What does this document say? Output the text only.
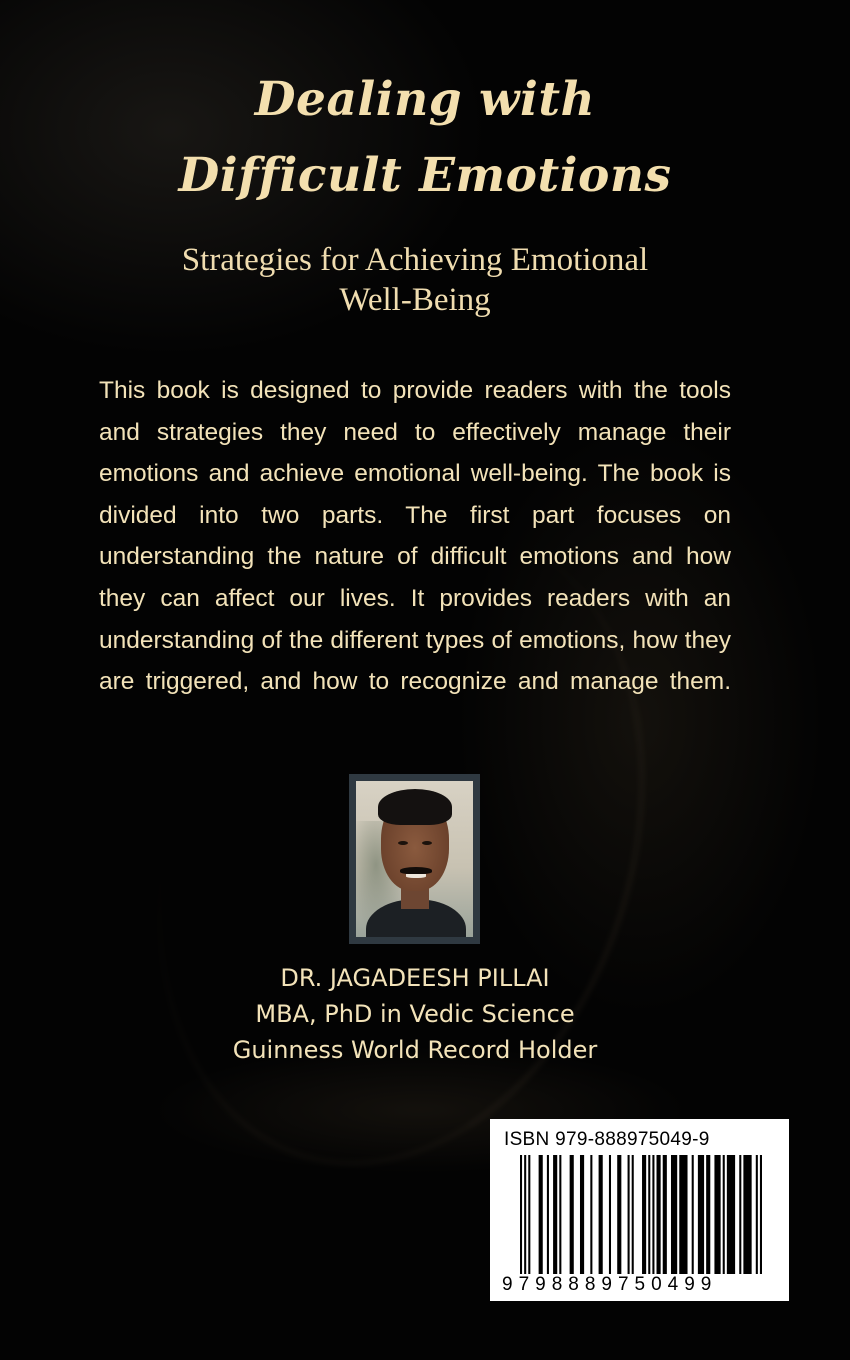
Dealing with
Difficult Emotions
Strategies for Achieving Emotional
Well-Being

This book is designed to provide readers with the tools and strategies they need to effectively manage their emotions and achieve emotional well-being. The book is divided into two parts. The first part focuses on understanding the nature of difficult emotions and how they can affect our lives. It provides readers with an understanding of the different types of emotions, how they are triggered, and how to recognize and manage them.

DR. JAGADEESH PILLAI
MBA, PhD in Vedic Science
Guinness World Record Holder
ISBN 979-888975049-9
9798889750499
